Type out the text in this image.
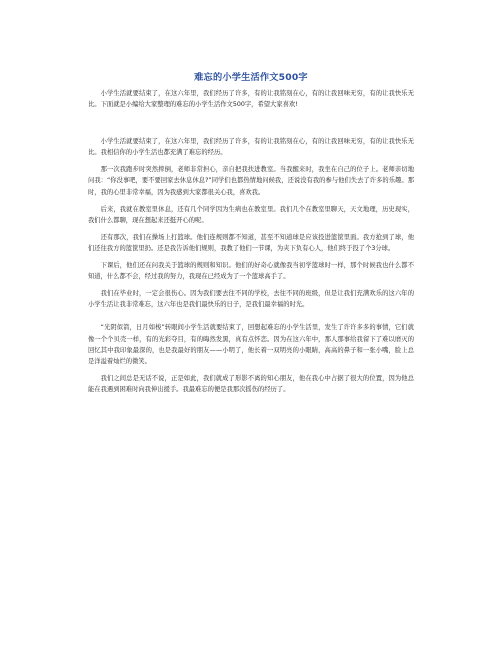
难忘的小学生活作文500字

小学生活就要结束了，在这六年里，我们经历了许多，有的让我铭刻在心，有的让我回味无穷，有的让我快乐无比。下面就是小编给大家整理的难忘的小学生活作文500字，希望大家喜欢!

小学生活就要结束了，在这六年里，我们经历了许多，有的让我铭刻在心，有的让我回味无穷，有的让我快乐无比。我相信你的小学生活也都充满了难忘的经历。

那一次我跑步时突然摔倒，老师非常担心，亲自把我扶进教室。当我醒来时，我坐在自己的位子上。老师亲切地问我：“你没事吧，要不要回家去休息休息?”同学们也都热情地问候我，还说没有我的参与他们失去了许多的乐趣。那时，我的心里非常幸福，因为我感到大家都很关心我，喜欢我。

后来，我就在教室里休息，还有几个同学因为生病也在教室里。我们几个在教室里聊天，天文地理，历史现实，我们什么都聊，现在想起来还挺开心的呢。

还有那次，我们在操场上打篮球。他们连规则都不知道，甚至不知道球是应该投进篮筐里面。我方抢到了球，他们还往我方的篮筐里扔。还是我告诉他们规则，我教了他们一节课，为夹下负有心人，他们终于投了个3分球。

下课后，他们还在问我关于篮球的规则和知识。他们的好奇心就像我当初学篮球时一样，那个时候我也什么都不知道，什么都不会，经过我的努力，我现在已经成为了一个篮球高手了。

我们在毕业时，一定会很伤心。因为我们要去往不同的学校，去往不同的班级，但是让我们充满欢乐的这六年的小学生活让我非常难忘，这六年也是我们最快乐的日子，是我们最幸福的时光。

“光阴似箭，日月如梭”转眼间小学生活就要结束了，回想起难忘的小学生活里，发生了许许多多的事情，它们就像一个个贝壳一样，有的光彩夺目，有的晦然发黑，真有点怀恋。因为在这六年中，那人那事给我留下了难以磨灭的回忆其中我印象最深的，也是我最好的朋友——小明了，他长着一双明亮的小眼睛，高高的鼻子和一张小嘴，脸上总是洋溢着灿烂的微笑。

我们之间总是无话不说，正是如此，我们就成了形影不离的知心朋友，他在我心中占据了很大的位置，因为他总能在我遇到困难时向我伸出援手。我最难忘的便是我那次摇伤的经历了。
